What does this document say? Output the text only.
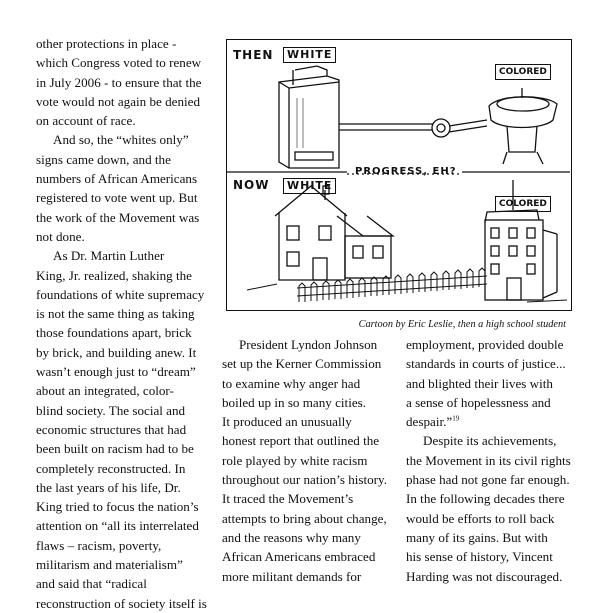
other protections in place -
which Congress voted to renew
in July 2006 - to ensure that the
vote would not again be denied
on account of race.

And so, the “whites only”
signs came down, and the
numbers of African Americans
registered to vote went up. But
the work of the Movement was
not done.

As Dr. Martin Luther
King, Jr. realized, shaking the
foundations of white supremacy
is not the same thing as taking
those foundations apart, brick
by brick, and building anew. It
wasn’t enough just to “dream”
about an integrated, color-
blind society. The social and
economic structures that had
been built on racism had to be
completely reconstructed. In
the last years of his life, Dr.
King tried to focus the nation’s
attention on “all its interrelated
flaws – racism, poverty,
militarism and materialism”
and said that “radical
reconstruction of society itself is

THEN	WHITE
COLORED
PROGRESS, EH?
NOW	WHITE
COLORED
Cartoon by Eric Leslie, then a high school student

President Lyndon Johnson
set up the Kerner Commission
to examine why anger had
boiled up in so many cities.
It produced an unusually
honest report that outlined the
role played by white racism
throughout our nation’s history.
It traced the Movement’s
attempts to bring about change,
and the reasons why many
African Americans embraced
more militant demands for

employment, provided double
standards in courts of justice...
and blighted their lives with
a sense of hopelessness and
despair.”$^{19}$

Despite its achievements,
the Movement in its civil rights
phase had not gone far enough.
In the following decades there
would be efforts to roll back
many of its gains. But with
his sense of history, Vincent
Harding was not discouraged.
